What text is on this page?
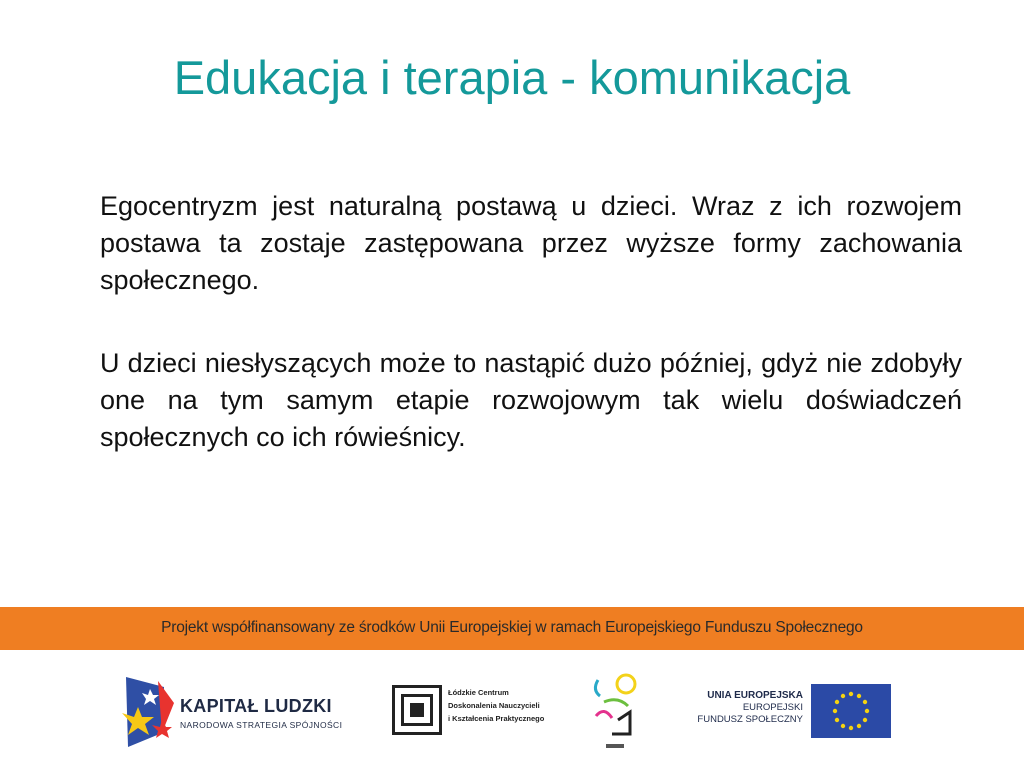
Edukacja i terapia - komunikacja

Egocentryzm jest naturalną postawą u dzieci. Wraz z ich rozwojem postawa ta zostaje zastępowana przez wyższe formy zachowania społecznego.

U dzieci niesłyszących może to nastąpić dużo później, gdyż nie zdobyły one na tym samym etapie rozwojowym tak wielu doświadczeń społecznych co ich rówieśnicy.

Projekt współfinansowany ze środków Unii Europejskiej w ramach Europejskiego Funduszu Społecznego
KAPITAŁ LUDZKI
NARODOWA STRATEGIA SPÓJNOŚCI
Łódzkie Centrum
Doskonalenia Nauczycieli
i Kształcenia Praktycznego
UNIA EUROPEJSKA
EUROPEJSKI
FUNDUSZ SPOŁECZNY
